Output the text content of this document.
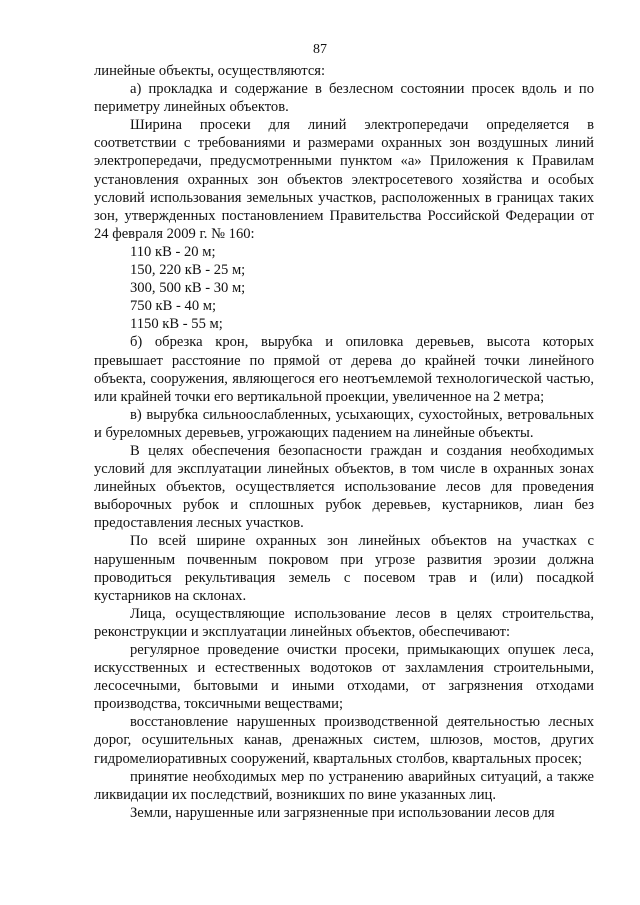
87

линейные объекты, осуществляются:

а) прокладка и содержание в безлесном состоянии просек вдоль и по периметру линейных объектов.

Ширина просеки для линий электропередачи определяется в соответствии с требованиями и размерами охранных зон воздушных линий электропередачи, предусмотренными пунктом «а» Приложения к Правилам установления охранных зон объектов электросетевого хозяйства и особых условий использования земельных участков, расположенных в границах таких зон, утвержденных постановлением Правительства Российской Федерации от 24 февраля 2009 г. № 160:

110 кВ - 20 м;

150, 220 кВ - 25 м;

300, 500 кВ - 30 м;

750 кВ - 40 м;

1150 кВ - 55 м;

б) обрезка крон, вырубка и опиловка деревьев, высота которых превышает расстояние по прямой от дерева до крайней точки линейного объекта, сооружения, являющегося его неотъемлемой технологической частью, или крайней точки его вертикальной проекции, увеличенное на 2 метра;

в) вырубка сильноослабленных, усыхающих, сухостойных, ветровальных и буреломных деревьев, угрожающих падением на линейные объекты.

В целях обеспечения безопасности граждан и создания необходимых условий для эксплуатации линейных объектов, в том числе в охранных зонах линейных объектов, осуществляется использование лесов для проведения выборочных рубок и сплошных рубок деревьев, кустарников, лиан без предоставления лесных участков.

По всей ширине охранных зон линейных объектов на участках с нарушенным почвенным покровом при угрозе развития эрозии должна проводиться рекультивация земель с посевом трав и (или) посадкой кустарников на склонах.

Лица, осуществляющие использование лесов в целях строительства, реконструкции и эксплуатации линейных объектов, обеспечивают:

регулярное проведение очистки просеки, примыкающих опушек леса, искусственных и естественных водотоков от захламления строительными, лесосечными, бытовыми и иными отходами, от загрязнения отходами производства, токсичными веществами;

восстановление нарушенных производственной деятельностью лесных дорог, осушительных канав, дренажных систем, шлюзов, мостов, других гидромелиоративных сооружений, квартальных столбов, квартальных просек;

принятие необходимых мер по устранению аварийных ситуаций, а также ликвидации их последствий, возникших по вине указанных лиц.

Земли, нарушенные или загрязненные при использовании лесов для
